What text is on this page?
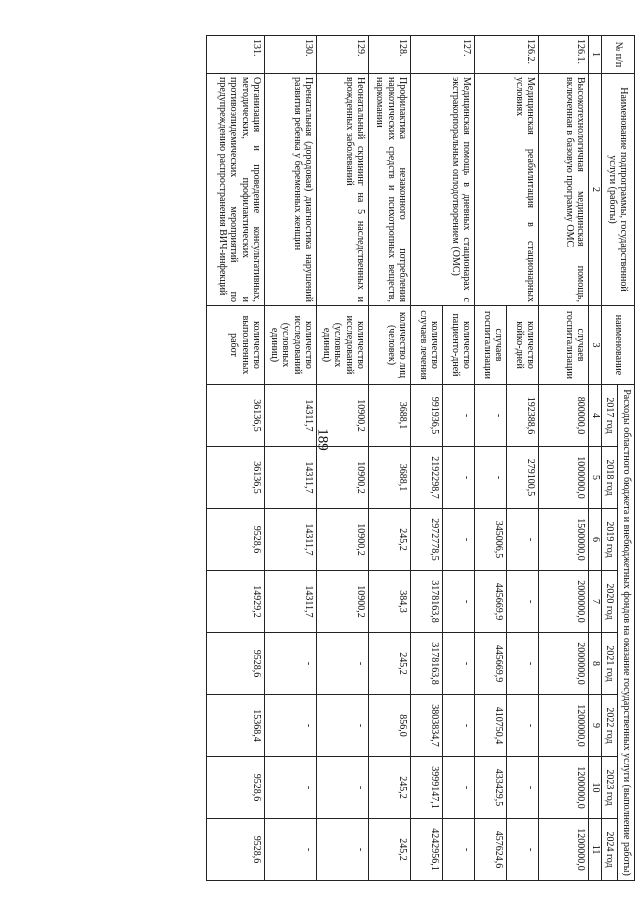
189
№ п/п	Наименование подпрограммы, государственной услуги (работы)	наименование	Расходы областного бюджета и внебюджетных фондов на оказание государственных услуги (выполнение работы)							
			2017 год	2018 год	2019 год	2020 год	2021 год	2022 год	2023 год	2024 год
1	2	3	4	5	6	7	8	9	10	11
126.1.	Высокотехнологичная медицинская помощь, включенная в базовую программу ОМС	случаев госпитализации	800000,0	1000000,0	1500000,0	2000000,0	2000000,0	1200000,0	1200000,0	1200000,0
126.2.	Медицинская реабилитация в стационарных условиях	количество койко-дней	192388,6	279100,5	-	-	-	-	-	-
		случаев госпитализации	-	-	345006,5	445669,9	445669,9	410750,4	433429,5	457624,6
127.	Медицинская помощь в дневных стационарах с экстракорпоральным оплодотворением (ОМС)	количество пациенто-дней	-	-	-	-	-	-	-	-
		количество случаев лечения	991936,5	2192298,7	2972778,5	3178163,8	3178163,8	3803834,7	3999147,1	4242956,1
128.	Профилактика незаконного потребления наркотических средств и психотропных веществ, наркомании	количество лиц (человек)	3688,1	3688,1	245,2	384,3	245,2	856,0	245,2	245,2
129.	Неонатальный скрининг на 5 наследственных и врожденных заболеваний	количество исследований (условных единиц)	10900,2	10900,2	10900,2	10900,2	-	-	-	-
130.	Пренатальная (дородовая) диагностика нарушений развития ребенка у беременных женщин	количество исследований (условных единиц)	14311,7	14311,7	14311,7	14311,7	-	-	-	-
131.	Организация и проведение консультативных, методических, профилактических и противоэпидемических мероприятий по предупреждению распространения ВИЧ-инфекций	количество выполненных работ	36136,5	36136,5	9528,6	14929,2	9528,6	15368,4	9528,6	9528,6
